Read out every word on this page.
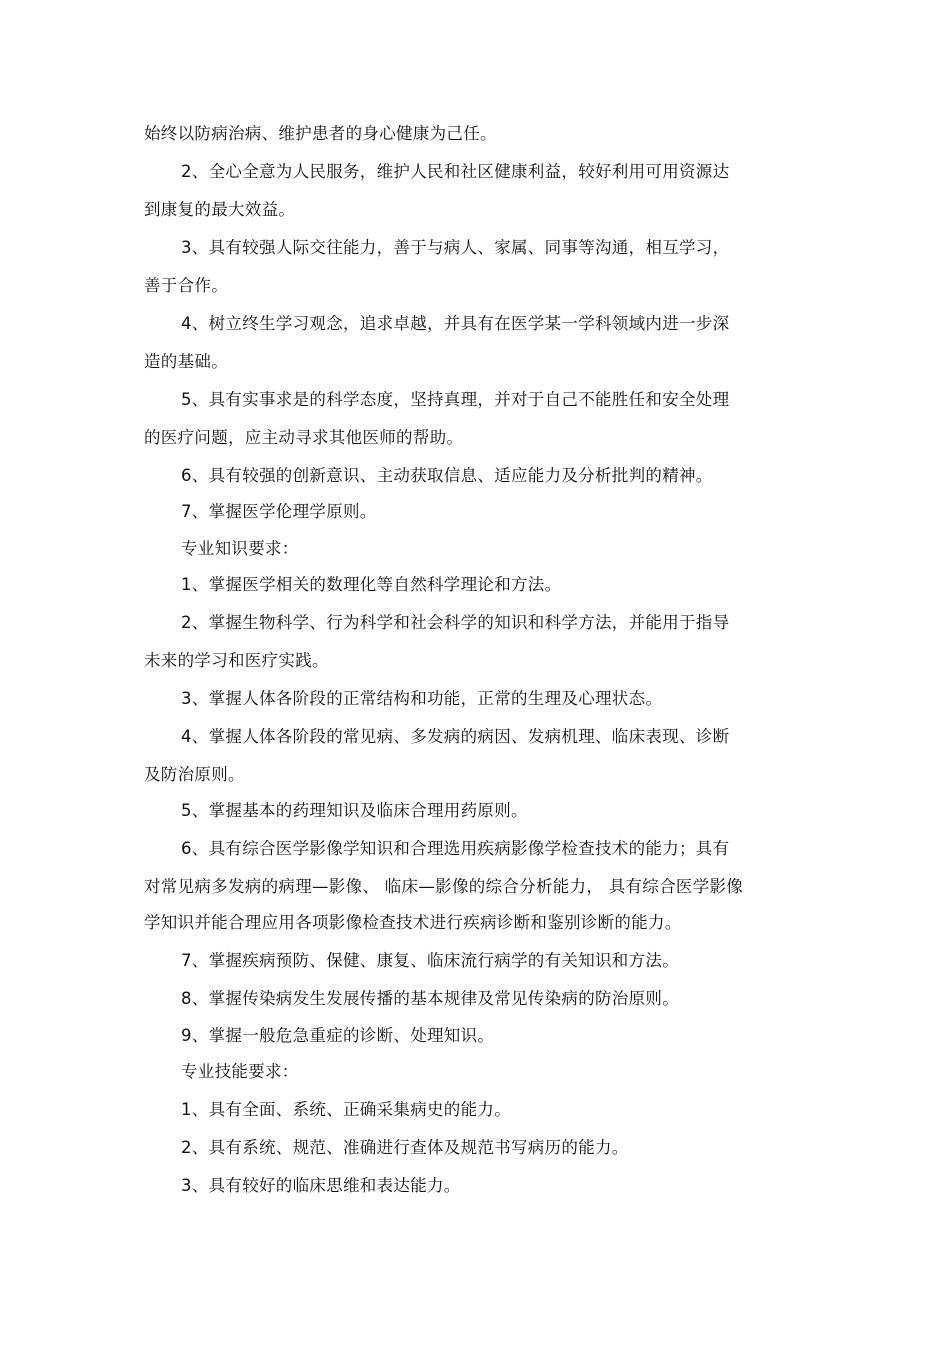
始终以防病治病、维护患者的身心健康为己任。
2、全心全意为人民服务，维护人民和社区健康利益，较好利用可用资源达
到康复的最大效益。
3、具有较强人际交往能力，善于与病人、家属、同事等沟通，相互学习，
善于合作。
4、树立终生学习观念，追求卓越，并具有在医学某一学科领域内进一步深
造的基础。
5、具有实事求是的科学态度，坚持真理，并对于自己不能胜任和安全处理
的医疗问题，应主动寻求其他医师的帮助。
6、具有较强的创新意识、主动获取信息、适应能力及分析批判的精神。
7、掌握医学伦理学原则。
专业知识要求：
1、掌握医学相关的数理化等自然科学理论和方法。
2、掌握生物科学、行为科学和社会科学的知识和科学方法，并能用于指导
未来的学习和医疗实践。
3、掌握人体各阶段的正常结构和功能，正常的生理及心理状态。
4、掌握人体各阶段的常见病、多发病的病因、发病机理、临床表现、诊断
及防治原则。
5、掌握基本的药理知识及临床合理用药原则。
6、具有综合医学影像学知识和合理选用疾病影像学检查技术的能力；具有
对常见病多发病的病理—影像、 临床—影像的综合分析能力， 具有综合医学影像
学知识并能合理应用各项影像检查技术进行疾病诊断和鉴别诊断的能力。
7、掌握疾病预防、保健、康复、临床流行病学的有关知识和方法。
8、掌握传染病发生发展传播的基本规律及常见传染病的防治原则。
9、掌握一般危急重症的诊断、处理知识。
专业技能要求：
1、具有全面、系统、正确采集病史的能力。
2、具有系统、规范、准确进行查体及规范书写病历的能力。
3、具有较好的临床思维和表达能力。
